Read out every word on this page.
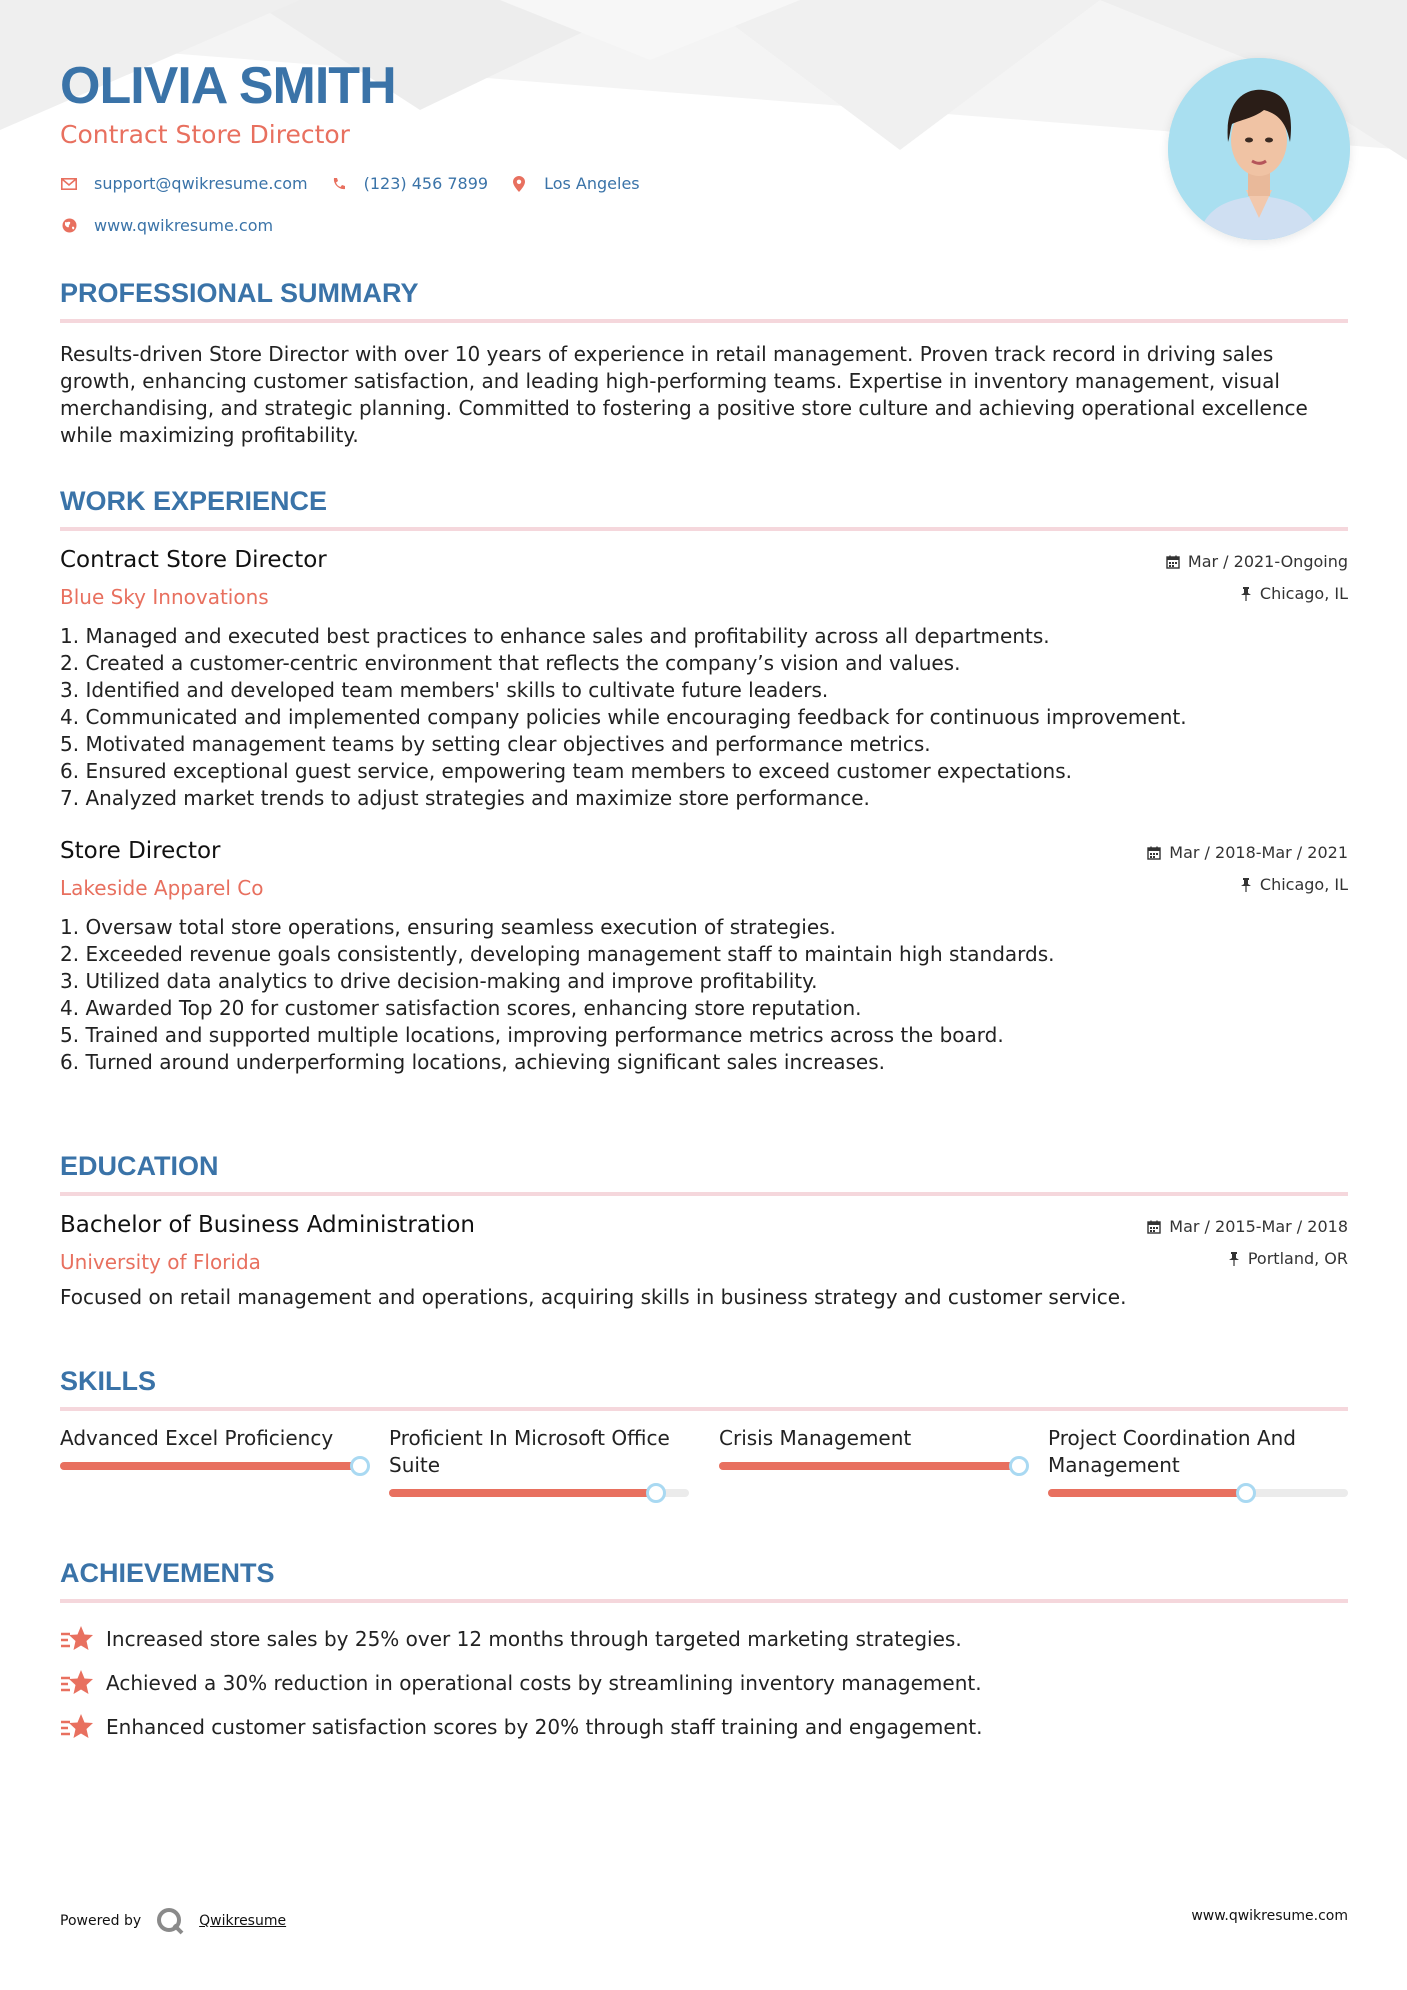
OLIVIA SMITH
Contract Store Director
support@qwikresume.com	(123) 456 7899	Los Angeles
www.qwikresume.com
PROFESSIONAL SUMMARY
Results-driven Store Director with over 10 years of experience in retail management. Proven track record in driving sales growth, enhancing customer satisfaction, and leading high-performing teams. Expertise in inventory management, visual merchandising, and strategic planning. Committed to fostering a positive store culture and achieving operational excellence while maximizing profitability.
WORK EXPERIENCE
Contract Store Director
Blue Sky Innovations
Mar / 2021-Ongoing
Chicago, IL
1. Managed and executed best practices to enhance sales and profitability across all departments.
2. Created a customer-centric environment that reflects the company’s vision and values.
3. Identified and developed team members' skills to cultivate future leaders.
4. Communicated and implemented company policies while encouraging feedback for continuous improvement.
5. Motivated management teams by setting clear objectives and performance metrics.
6. Ensured exceptional guest service, empowering team members to exceed customer expectations.
7. Analyzed market trends to adjust strategies and maximize store performance.
Store Director
Lakeside Apparel Co
Mar / 2018-Mar / 2021
Chicago, IL
1. Oversaw total store operations, ensuring seamless execution of strategies.
2. Exceeded revenue goals consistently, developing management staff to maintain high standards.
3. Utilized data analytics to drive decision-making and improve profitability.
4. Awarded Top 20 for customer satisfaction scores, enhancing store reputation.
5. Trained and supported multiple locations, improving performance metrics across the board.
6. Turned around underperforming locations, achieving significant sales increases.
EDUCATION
Bachelor of Business Administration
University of Florida
Mar / 2015-Mar / 2018
Portland, OR
Focused on retail management and operations, acquiring skills in business strategy and customer service.
SKILLS
Advanced Excel Proficiency	Proficient In Microsoft Office Suite
Crisis Management	Project Coordination And Management
ACHIEVEMENTS
Increased store sales by 25% over 12 months through targeted marketing strategies.
Achieved a 30% reduction in operational costs by streamlining inventory management.
Enhanced customer satisfaction scores by 20% through staff training and engagement.
Powered by	Qwikresume	www.qwikresume.com
